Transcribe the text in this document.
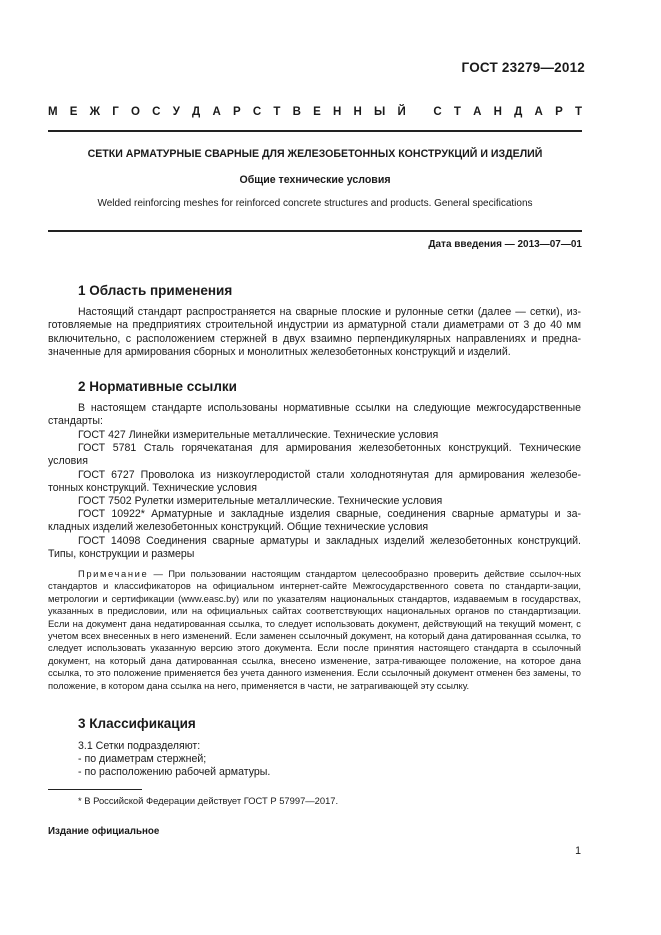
ГОСТ 23279—2012
М Е Ж Г О С У Д А Р С Т В Е Н Н Ы Й
С Т А Н Д А Р Т
СЕТКИ АРМАТУРНЫЕ СВАРНЫЕ ДЛЯ ЖЕЛЕЗОБЕТОННЫХ КОНСТРУКЦИЙ И ИЗДЕЛИЙ
Общие технические условия
Welded reinforcing meshes for reinforced concrete structures and products. General specifications
Дата введения — 2013—07—01
1 Область применения

Настоящий стандарт распространяется на сварные плоские и рулонные сетки (далее — сетки), из-готовляемые на предприятиях строительной индустрии из арматурной стали диаметрами от 3 до 40 мм включительно, с расположением стержней в двух взаимно перпендикулярных направлениях и предна-значенные для армирования сборных и монолитных железобетонных конструкций и изделий.

2 Нормативные ссылки
В настоящем стандарте использованы нормативные ссылки на следующие межгосударственные стандарты:
ГОСТ 427 Линейки измерительные металлические. Технические условия
ГОСТ 5781 Сталь горячекатаная для армирования железобетонных конструкций. Технические условия
ГОСТ 6727 Проволока из низкоуглеродистой стали холоднотянутая для армирования железобе-тонных конструкций. Технические условия
ГОСТ 7502 Рулетки измерительные металлические. Технические условия
ГОСТ 10922* Арматурные и закладные изделия сварные, соединения сварные арматуры и за-кладных изделий железобетонных конструкций. Общие технические условия
ГОСТ 14098 Соединения сварные арматуры и закладных изделий железобетонных конструкций. Типы, конструкции и размеры

Примечание — При пользовании настоящим стандартом целесообразно проверить действие ссылоч-ных стандартов и классификаторов на официальном интернет-сайте Межгосударственного совета по стандарти-зации, метрологии и сертификации (www.easc.by) или по указателям национальных стандартов, издаваемым в государствах, указанных в предисловии, или на официальных сайтах соответствующих национальных органов по стандартизации. Если на документ дана недатированная ссылка, то следует использовать документ, действующий на текущий момент, с учетом всех внесенных в него изменений. Если заменен ссылочный документ, на который дана датированная ссылка, то следует использовать указанную версию этого документа. Если после принятия настоящего стандарта в ссылочный документ, на который дана датированная ссылка, внесено изменение, затра-гивающее положение, на которое дана ссылка, то это положение применяется без учета данного изменения. Если ссылочный документ отменен без замены, то положение, в котором дана ссылка на него, применяется в части, не затрагивающей эту ссылку.

3 Классификация
3.1 Сетки подразделяют:
- по диаметрам стержней;
- по расположению рабочей арматуры.
* В Российской Федерации действует ГОСТ Р 57997—2017.
Издание официальное
1
